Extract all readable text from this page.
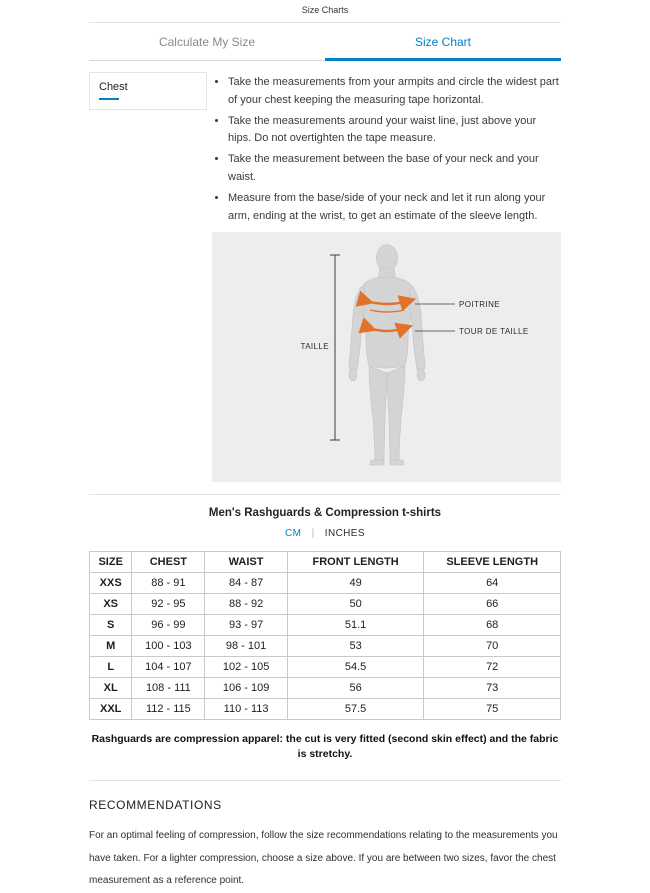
Size Charts
Calculate My Size	Size Chart
Chest	• Take the measurements from your armpits and circle the widest part of your chest keeping the measuring tape horizontal.
• Take the measurements around your waist line, just above your hips. Do not overtighten the tape measure.
• Take the measurement between the base of your neck and your waist.
• Measure from the base/side of your neck and let it run along your arm, ending at the wrist, to get an estimate of the sleeve length.
TAILLE
POITRINE
TOUR DE TAILLE
Men's Rashguards & Compression t-shirts
CM | INCHES
SIZE	CHEST	WAIST	FRONT LENGTH	SLEEVE LENGTH
XXS	88 - 91	84 - 87	49	64
XS	92 - 95	88 - 92	50	66
S	96 - 99	93 - 97	51.1	68
M	100 - 103	98 - 101	53	70
L	104 - 107	102 - 105	54.5	72
XL	108 - 111	106 - 109	56	73
XXL	112 - 115	110 - 113	57.5	75
Rashguards are compression apparel: the cut is very fitted (second skin effect) and the fabric is stretchy.
RECOMMENDATIONS
For an optimal feeling of compression, follow the size recommendations relating to the measurements you have taken. For a lighter compression, choose a size above. If you are between two sizes, favor the chest measurement as a reference point.
